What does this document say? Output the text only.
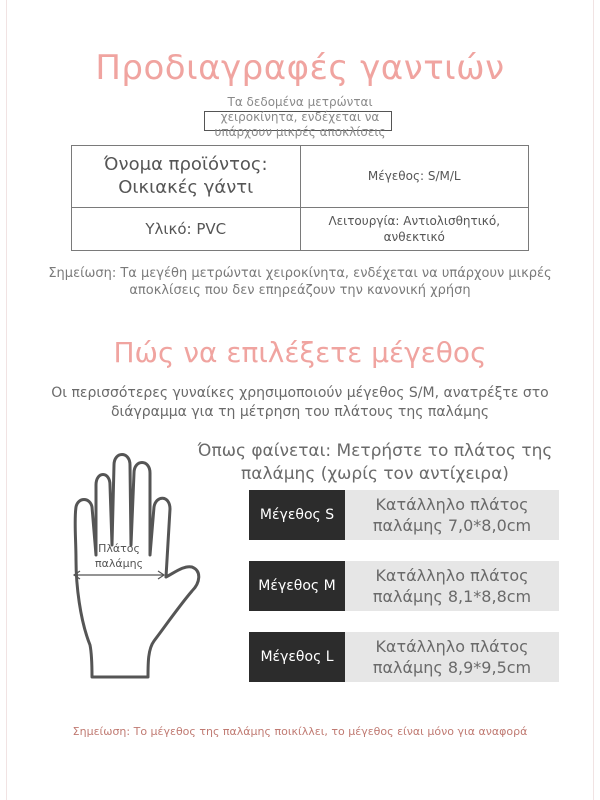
Προδιαγραφές γαντιών
Τα δεδομένα μετρώνται χειροκίνητα, ενδέχεται να υπάρχουν μικρές αποκλίσεις
Όνομα προϊόντος: Οικιακές γάντι	Μέγεθος: S/M/L
Υλικό: PVC	Λειτουργία: Αντιολισθητικό, ανθεκτικό
Σημείωση: Τα μεγέθη μετρώνται χειροκίνητα, ενδέχεται να υπάρχουν μικρές αποκλίσεις που δεν επηρεάζουν την κανονική χρήση
Πώς να επιλέξετε μέγεθος
Οι περισσότερες γυναίκες χρησιμοποιούν μέγεθος S/M, ανατρέξτε στο διάγραμμα για τη μέτρηση του πλάτους της παλάμης
Όπως φαίνεται: Μετρήστε το πλάτος της παλάμης (χωρίς τον αντίχειρα)
Πλάτος παλάμης
Μέγεθος S
Κατάλληλο πλάτος παλάμης 7,0*8,0cm
Μέγεθος M
Κατάλληλο πλάτος παλάμης 8,1*8,8cm
Μέγεθος L
Κατάλληλο πλάτος παλάμης 8,9*9,5cm
Σημείωση: Το μέγεθος της παλάμης ποικίλλει, το μέγεθος είναι μόνο για αναφορά
